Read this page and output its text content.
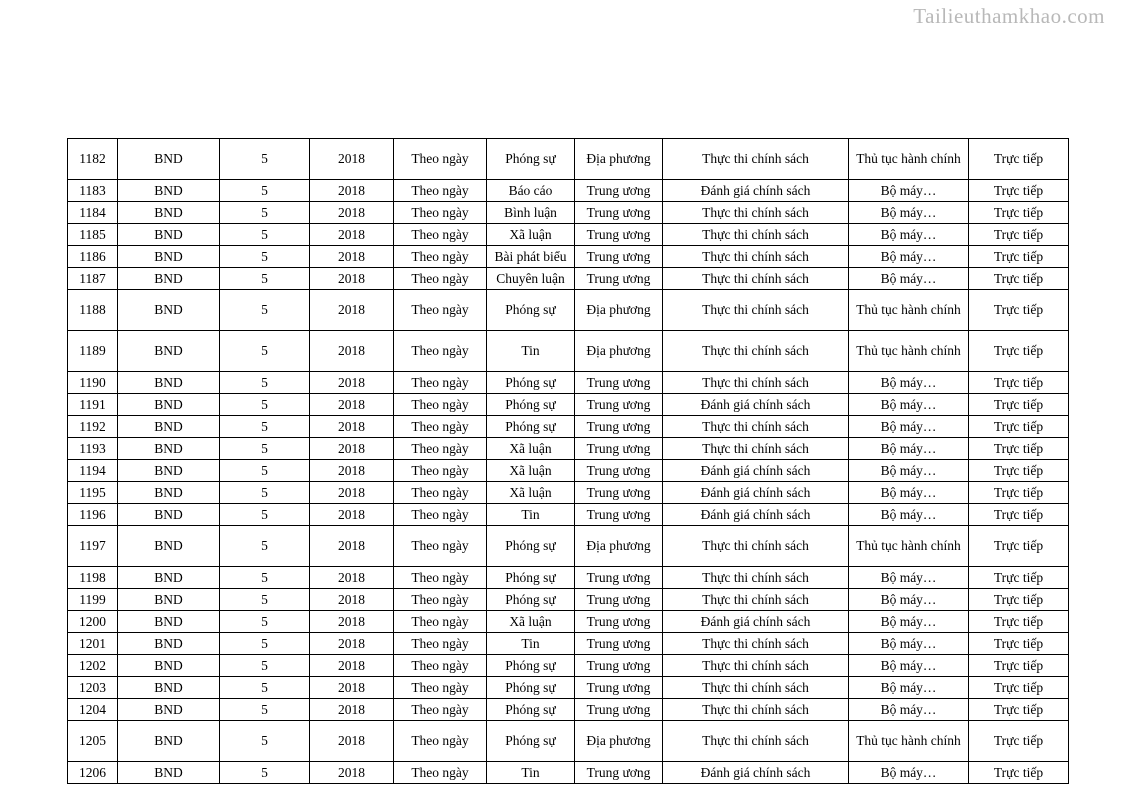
Tailieuthamkhao.com
1182	BND	5	2018	Theo ngày	Phóng sự	Địa phương	Thực thi chính sách	Thủ tục hành chính	Trực tiếp
1183	BND	5	2018	Theo ngày	Báo cáo	Trung ương	Đánh giá chính sách	Bộ máy…	Trực tiếp
1184	BND	5	2018	Theo ngày	Bình luận	Trung ương	Thực thi chính sách	Bộ máy…	Trực tiếp
1185	BND	5	2018	Theo ngày	Xã luận	Trung ương	Thực thi chính sách	Bộ máy…	Trực tiếp
1186	BND	5	2018	Theo ngày	Bài phát biểu	Trung ương	Thực thi chính sách	Bộ máy…	Trực tiếp
1187	BND	5	2018	Theo ngày	Chuyên luận	Trung ương	Thực thi chính sách	Bộ máy…	Trực tiếp
1188	BND	5	2018	Theo ngày	Phóng sự	Địa phương	Thực thi chính sách	Thủ tục hành chính	Trực tiếp
1189	BND	5	2018	Theo ngày	Tin	Địa phương	Thực thi chính sách	Thủ tục hành chính	Trực tiếp
1190	BND	5	2018	Theo ngày	Phóng sự	Trung ương	Thực thi chính sách	Bộ máy…	Trực tiếp
1191	BND	5	2018	Theo ngày	Phóng sự	Trung ương	Đánh giá chính sách	Bộ máy…	Trực tiếp
1192	BND	5	2018	Theo ngày	Phóng sự	Trung ương	Thực thi chính sách	Bộ máy…	Trực tiếp
1193	BND	5	2018	Theo ngày	Xã luận	Trung ương	Thực thi chính sách	Bộ máy…	Trực tiếp
1194	BND	5	2018	Theo ngày	Xã luận	Trung ương	Đánh giá chính sách	Bộ máy…	Trực tiếp
1195	BND	5	2018	Theo ngày	Xã luận	Trung ương	Đánh giá chính sách	Bộ máy…	Trực tiếp
1196	BND	5	2018	Theo ngày	Tin	Trung ương	Đánh giá chính sách	Bộ máy…	Trực tiếp
1197	BND	5	2018	Theo ngày	Phóng sự	Địa phương	Thực thi chính sách	Thủ tục hành chính	Trực tiếp
1198	BND	5	2018	Theo ngày	Phóng sự	Trung ương	Thực thi chính sách	Bộ máy…	Trực tiếp
1199	BND	5	2018	Theo ngày	Phóng sự	Trung ương	Thực thi chính sách	Bộ máy…	Trực tiếp
1200	BND	5	2018	Theo ngày	Xã luận	Trung ương	Đánh giá chính sách	Bộ máy…	Trực tiếp
1201	BND	5	2018	Theo ngày	Tin	Trung ương	Thực thi chính sách	Bộ máy…	Trực tiếp
1202	BND	5	2018	Theo ngày	Phóng sự	Trung ương	Thực thi chính sách	Bộ máy…	Trực tiếp
1203	BND	5	2018	Theo ngày	Phóng sự	Trung ương	Thực thi chính sách	Bộ máy…	Trực tiếp
1204	BND	5	2018	Theo ngày	Phóng sự	Trung ương	Thực thi chính sách	Bộ máy…	Trực tiếp
1205	BND	5	2018	Theo ngày	Phóng sự	Địa phương	Thực thi chính sách	Thủ tục hành chính	Trực tiếp
1206	BND	5	2018	Theo ngày	Tin	Trung ương	Đánh giá chính sách	Bộ máy…	Trực tiếp
